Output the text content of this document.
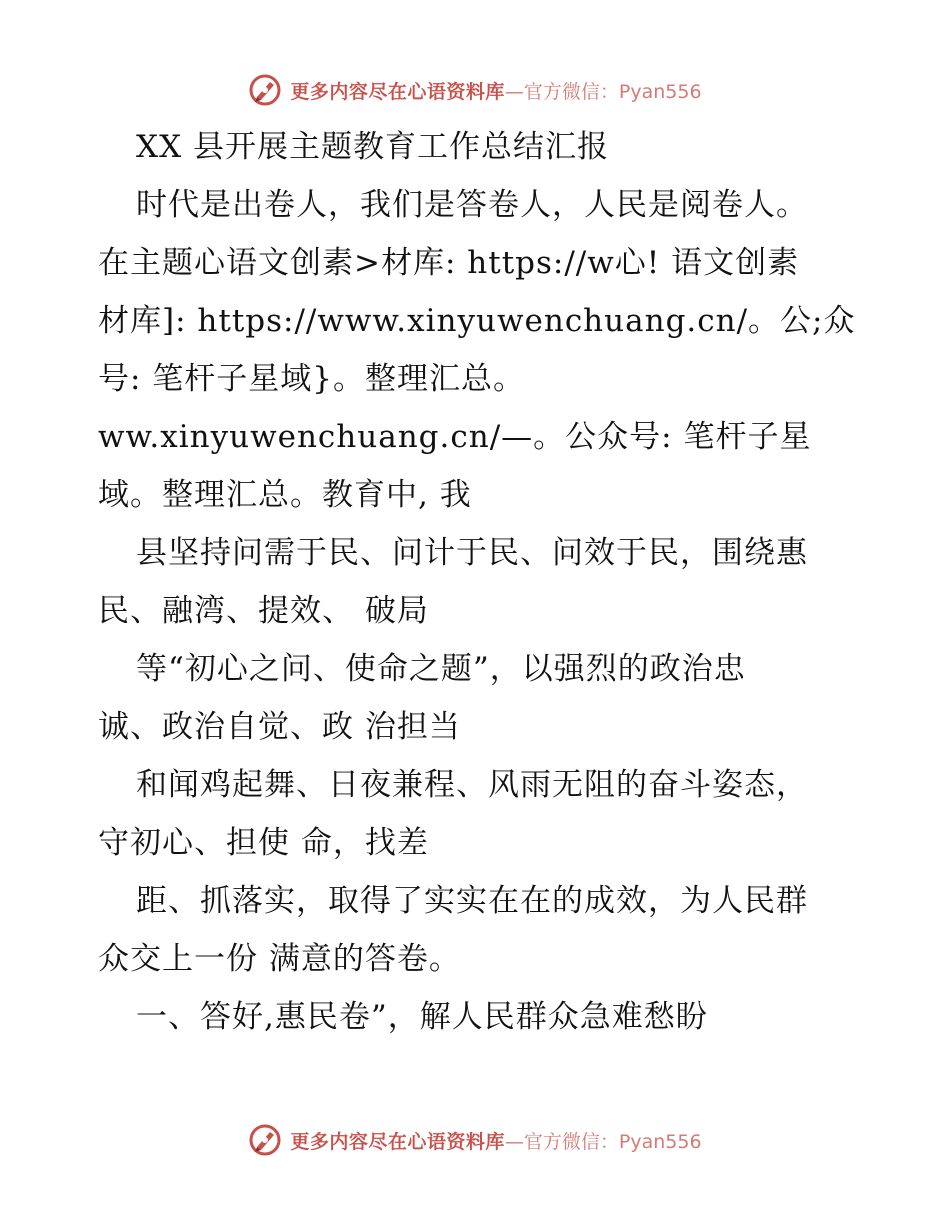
更多内容尽在心语资料库 —官方微信：Pyan556
XX 县开展主题教育工作总结汇报
时代是出卷人，我们是答卷人，人民是阅卷人。
在主题心语文创素>材库: https://w心! 语文创素
材库]: https://www.xinyuwenchuang.cn/。公;众
号: 笔杆子星域}。整理汇总。
ww.xinyuwenchuang.cn/—。公众号: 笔杆子星
域。整理汇总。教育中, 我
县坚持问需于民、问计于民、问效于民，围绕惠
民、融湾、提效、 破局
等“初心之问、使命之题”，以强烈的政治忠
诚、政治自觉、政 治担当
和闻鸡起舞、日夜兼程、风雨无阻的奋斗姿态，
守初心、担使 命，找差
距、抓落实，取得了实实在在的成效，为人民群
众交上一份 满意的答卷。
一、答好,惠民卷”，解人民群众急难愁盼
更多内容尽在心语资料库 —官方微信：Pyan556
